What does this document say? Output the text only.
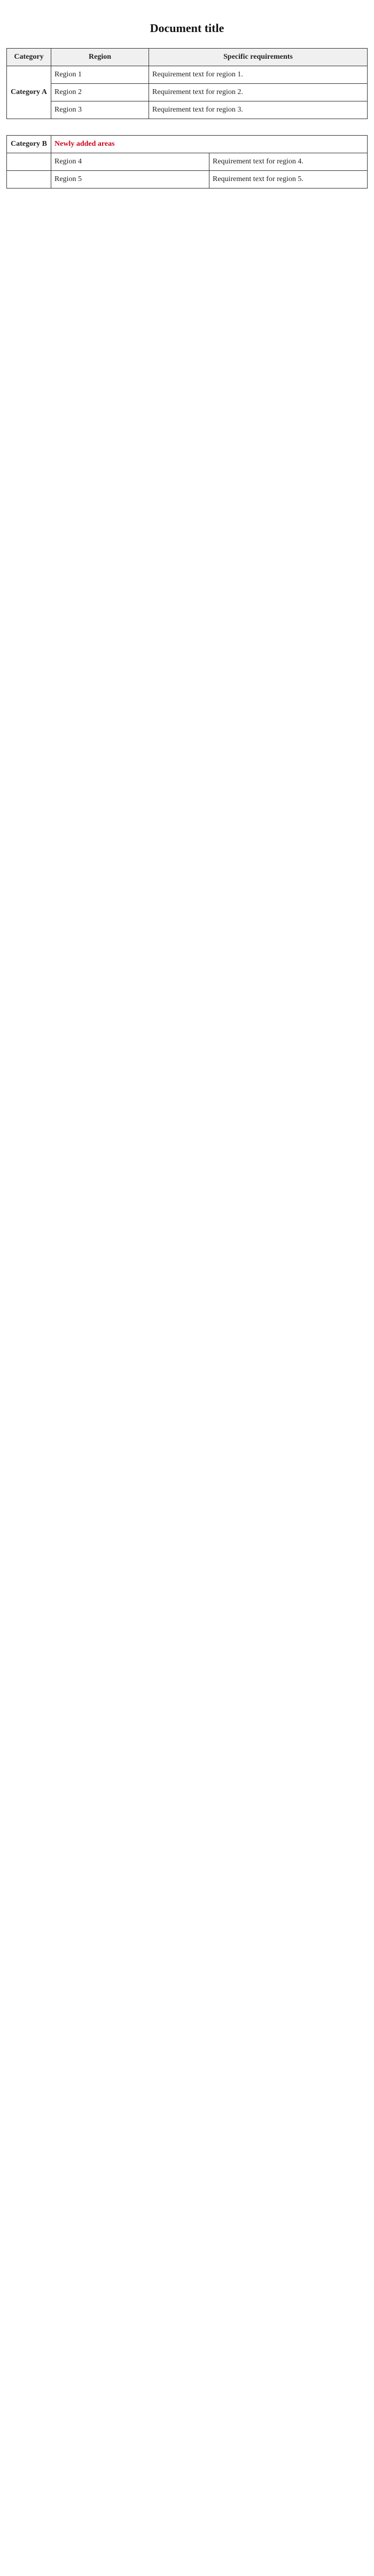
Document title
Category	Region	Specific requirements
Category A	Region 1	Requirement text for region 1.
	Region 2	Requirement text for region 2.
	Region 3	Requirement text for region 3.
Category B	Newly added areas	
	Region 4	Requirement text for region 4.
	Region 5	Requirement text for region 5.
